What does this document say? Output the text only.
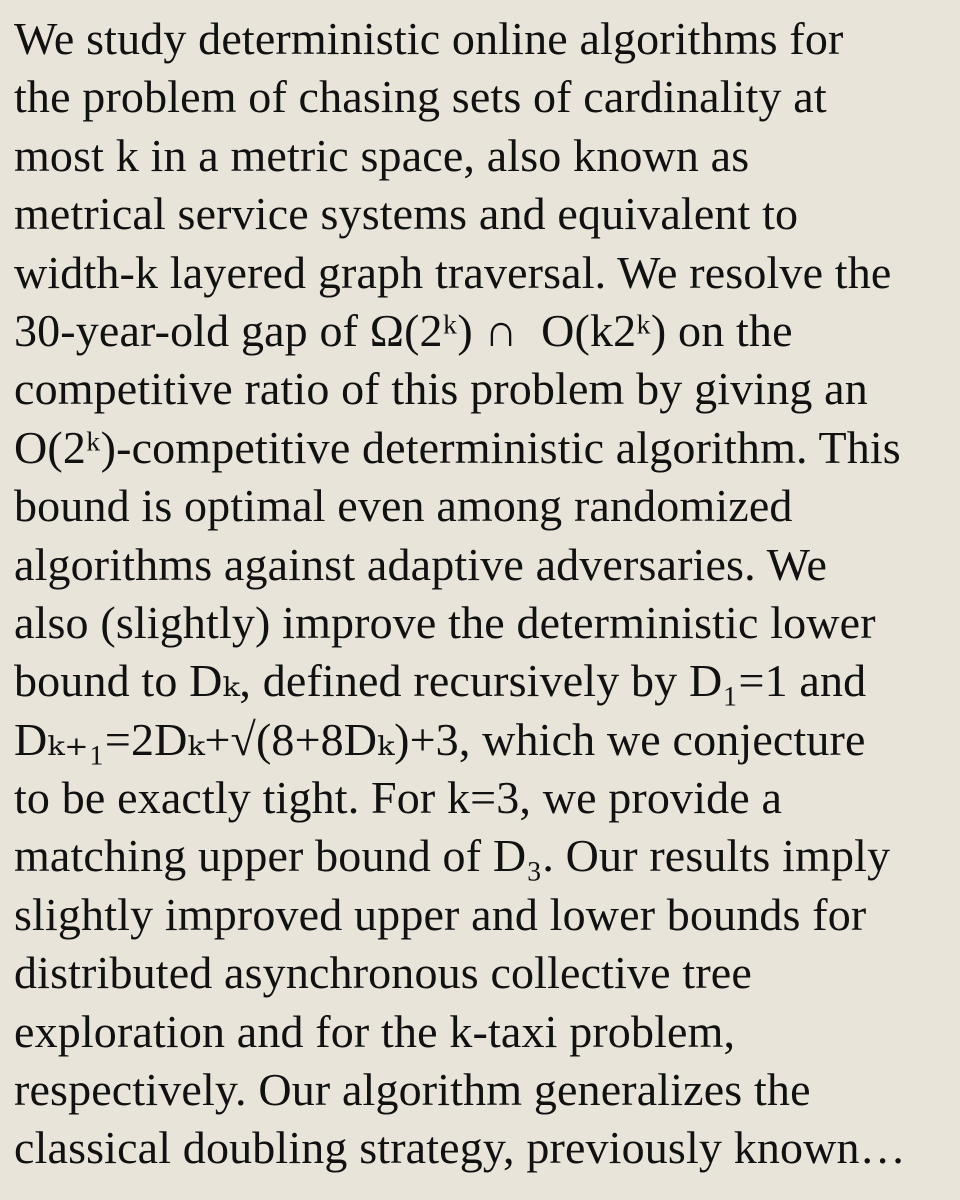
We study deterministic online algorithms for
the problem of chasing sets of cardinality at
most k in a metric space, also known as
metrical service systems and equivalent to
width-k layered graph traversal. We resolve the
30-year-old gap of Ω(2ᵏ) ∩  O(k2ᵏ) on the
competitive ratio of this problem by giving an
O(2ᵏ)-competitive deterministic algorithm. This
bound is optimal even among randomized
algorithms against adaptive adversaries. We
also (slightly) improve the deterministic lower
bound to Dₖ, defined recursively by D₁=1 and
Dₖ₊₁=2Dₖ+√(8+8Dₖ)+3, which we conjecture
to be exactly tight. For k=3, we provide a
matching upper bound of D₃. Our results imply
slightly improved upper and lower bounds for
distributed asynchronous collective tree
exploration and for the k-taxi problem,
respectively. Our algorithm generalizes the
classical doubling strategy, previously known…
